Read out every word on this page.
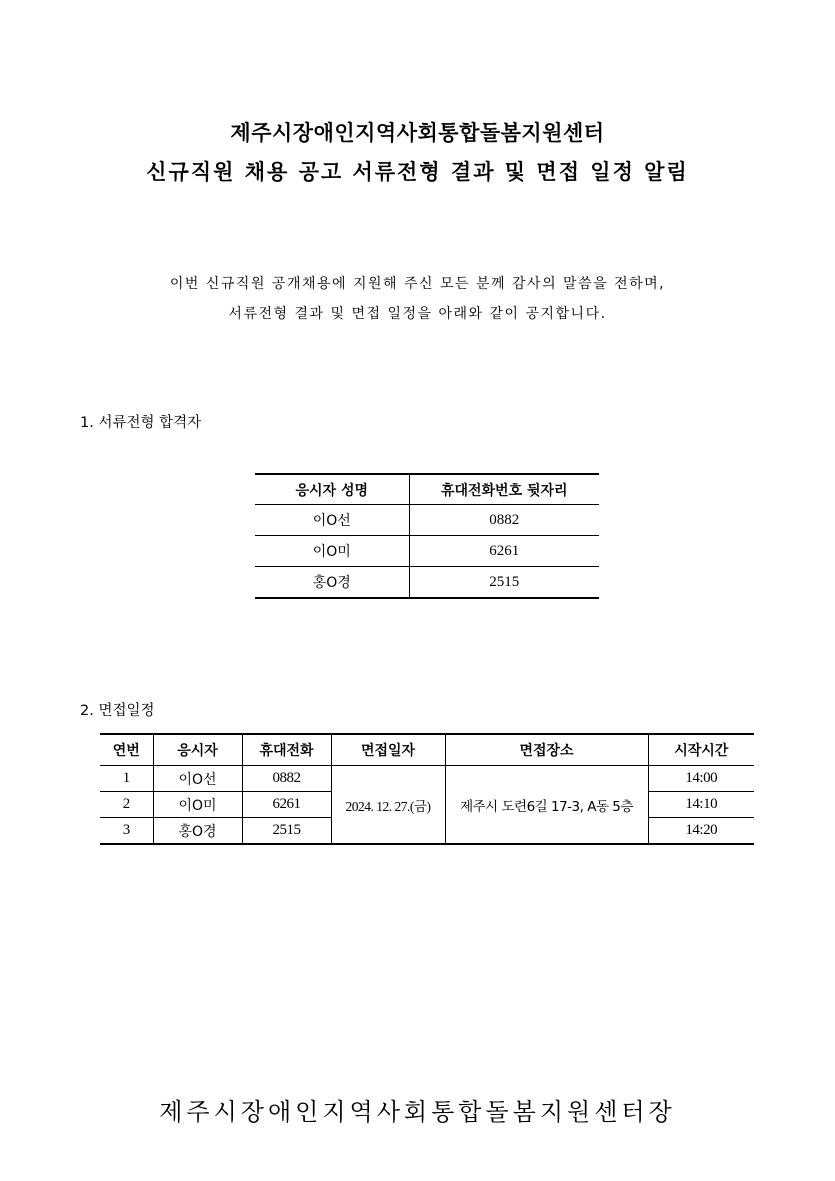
제주시장애인지역사회통합돌봄지원센터
신규직원 채용 공고 서류전형 결과 및 면접 일정 알림
이번 신규직원 공개채용에 지원해 주신 모든 분께 감사의 말씀을 전하며,
서류전형 결과 및 면접 일정을 아래와 같이 공지합니다.
1. 서류전형 합격자
응시자 성명	휴대전화번호 뒷자리
이O선	0882
이O미	6261
홍O경	2515
2. 면접일정
연번	응시자	휴대전화	면접일자	면접장소	시작시간
1	이O선	0882	2024. 12. 27.(금)	제주시 도련6길 17-3, A동 5층	14:00
2	이O미	6261			14:10
3	홍O경	2515			14:20
제주시장애인지역사회통합돌봄지원센터장
